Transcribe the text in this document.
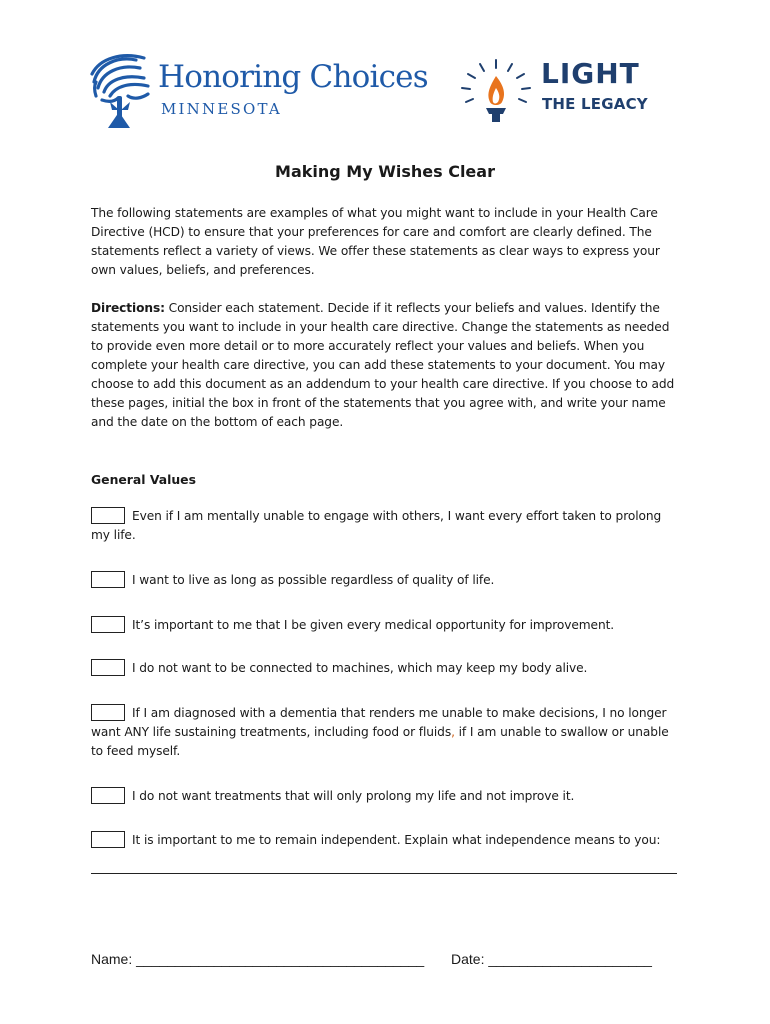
Honoring Choices
MINNESOTA
LIGHT
THE LEGACY
Making My Wishes Clear
The following statements are examples of what you might want to include in your Health Care Directive (HCD) to ensure that your preferences for care and comfort are clearly defined. The statements reflect a variety of views. We offer these statements as clear ways to express your own values, beliefs, and preferences.
Directions: Consider each statement. Decide if it reflects your beliefs and values. Identify the statements you want to include in your health care directive. Change the statements as needed to provide even more detail or to more accurately reflect your values and beliefs. When you complete your health care directive, you can add these statements to your document. You may choose to add this document as an addendum to your health care directive. If you choose to add these pages, initial the box in front of the statements that you agree with, and write your name and the date on the bottom of each page.
General Values
Even if I am mentally unable to engage with others, I want every effort taken to prolong my life.
I want to live as long as possible regardless of quality of life.
It’s important to me that I be given every medical opportunity for improvement.
I do not want to be connected to machines, which may keep my body alive.
If I am diagnosed with a dementia that renders me unable to make decisions, I no longer want ANY life sustaining treatments, including food or fluids, if I am unable to swallow or unable to feed myself.
I do not want treatments that will only prolong my life and not improve it.
It is important to me to remain independent. Explain what independence means to you:
Name: _____________________________________ Date: _____________________
